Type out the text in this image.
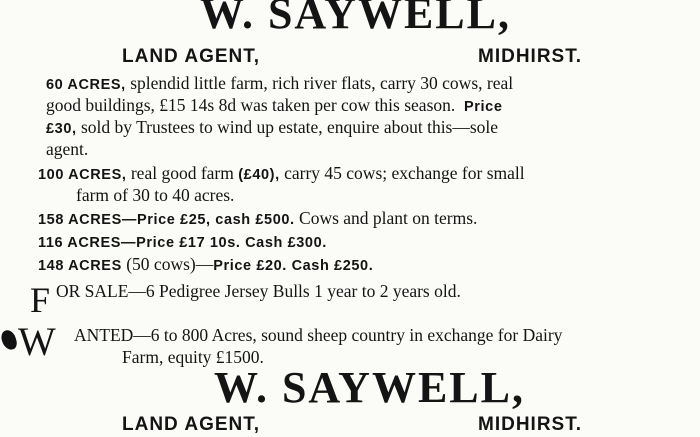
W. SAYWELL,
LAND AGENT,	MIDHIRST.
60 ACRES, splendid little farm, rich river flats, carry 30 cows, real
good buildings, £15 14s 8d was taken per cow this season. Price
£30, sold by Trustees to wind up estate, enquire about this—sole
agent.
100 ACRES, real good farm (£40), carry 45 cows; exchange for small
farm of 30 to 40 acres.
158 ACRES—Price £25, cash £500. Cows and plant on terms.
116 ACRES—Price £17 10s. Cash £300.
148 ACRES (50 cows)—Price £20. Cash £250.
F OR SALE—6 Pedigree Jersey Bulls 1 year to 2 years old.
W ANTED—6 to 800 Acres, sound sheep country in exchange for Dairy
Farm, equity £1500.
W. SAYWELL,
LAND AGENT,	MIDHIRST.
